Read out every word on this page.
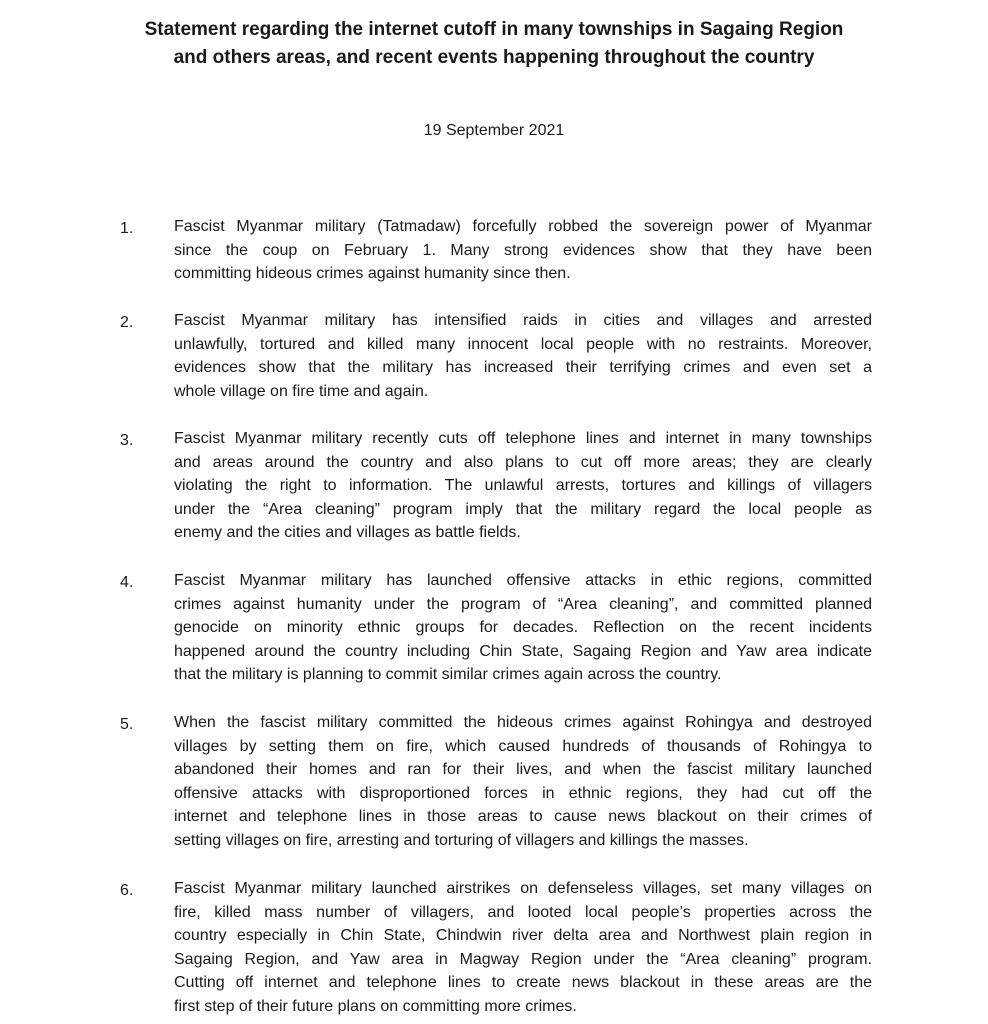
Statement regarding the internet cutoff in many townships in Sagaing Region
and others areas, and recent events happening throughout the country
19 September 2021
1.	Fascist Myanmar military (Tatmadaw) forcefully robbed the sovereign power of Myanmar
since the coup on February 1. Many strong evidences show that they have been
committing hideous crimes against humanity since then.

2.	Fascist Myanmar military has intensified raids in cities and villages and arrested
unlawfully, tortured and killed many innocent local people with no restraints. Moreover,
evidences show that the military has increased their terrifying crimes and even set a
whole village on fire time and again.

3.	Fascist Myanmar military recently cuts off telephone lines and internet in many townships
and areas around the country and also plans to cut off more areas; they are clearly
violating the right to information. The unlawful arrests, tortures and killings of villagers
under the “Area cleaning” program imply that the military regard the local people as
enemy and the cities and villages as battle fields.

4.	Fascist Myanmar military has launched offensive attacks in ethic regions, committed
crimes against humanity under the program of “Area cleaning”, and committed planned
genocide on minority ethnic groups for decades. Reflection on the recent incidents
happened around the country including Chin State, Sagaing Region and Yaw area indicate
that the military is planning to commit similar crimes again across the country.

5.	When the fascist military committed the hideous crimes against Rohingya and destroyed
villages by setting them on fire, which caused hundreds of thousands of Rohingya to
abandoned their homes and ran for their lives, and when the fascist military launched
offensive attacks with disproportioned forces in ethnic regions, they had cut off the
internet and telephone lines in those areas to cause news blackout on their crimes of
setting villages on fire, arresting and torturing of villagers and killings the masses.

6.	Fascist Myanmar military launched airstrikes on defenseless villages, set many villages on
fire, killed mass number of villagers, and looted local people’s properties across the
country especially in Chin State, Chindwin river delta area and Northwest plain region in
Sagaing Region, and Yaw area in Magway Region under the “Area cleaning” program.
Cutting off internet and telephone lines to create news blackout in these areas are the
first step of their future plans on committing more crimes.
